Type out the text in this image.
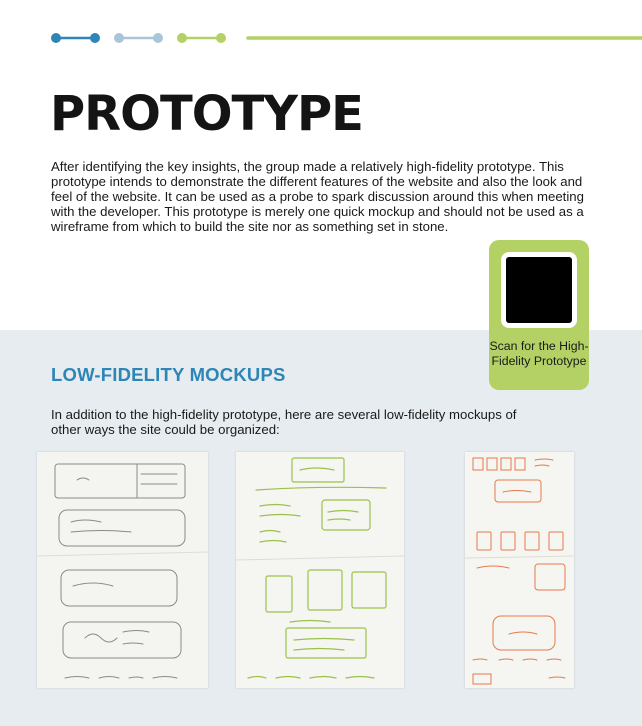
PROTOTYPE

After identifying the key insights, the group made a relatively high-fidelity prototype. This prototype intends to demonstrate the different features of the website and also the look and feel of the website. It can be used as a probe to spark discussion around this when meeting with the developer. This prototype is merely one quick mockup and should not be used as a wireframe from which to build the site nor as something set in stone.

Scan for the High-Fidelity Prototype
LOW-FIDELITY MOCKUPS

In addition to the high-fidelity prototype, here are several low-fidelity mockups of other ways the site could be organized:
